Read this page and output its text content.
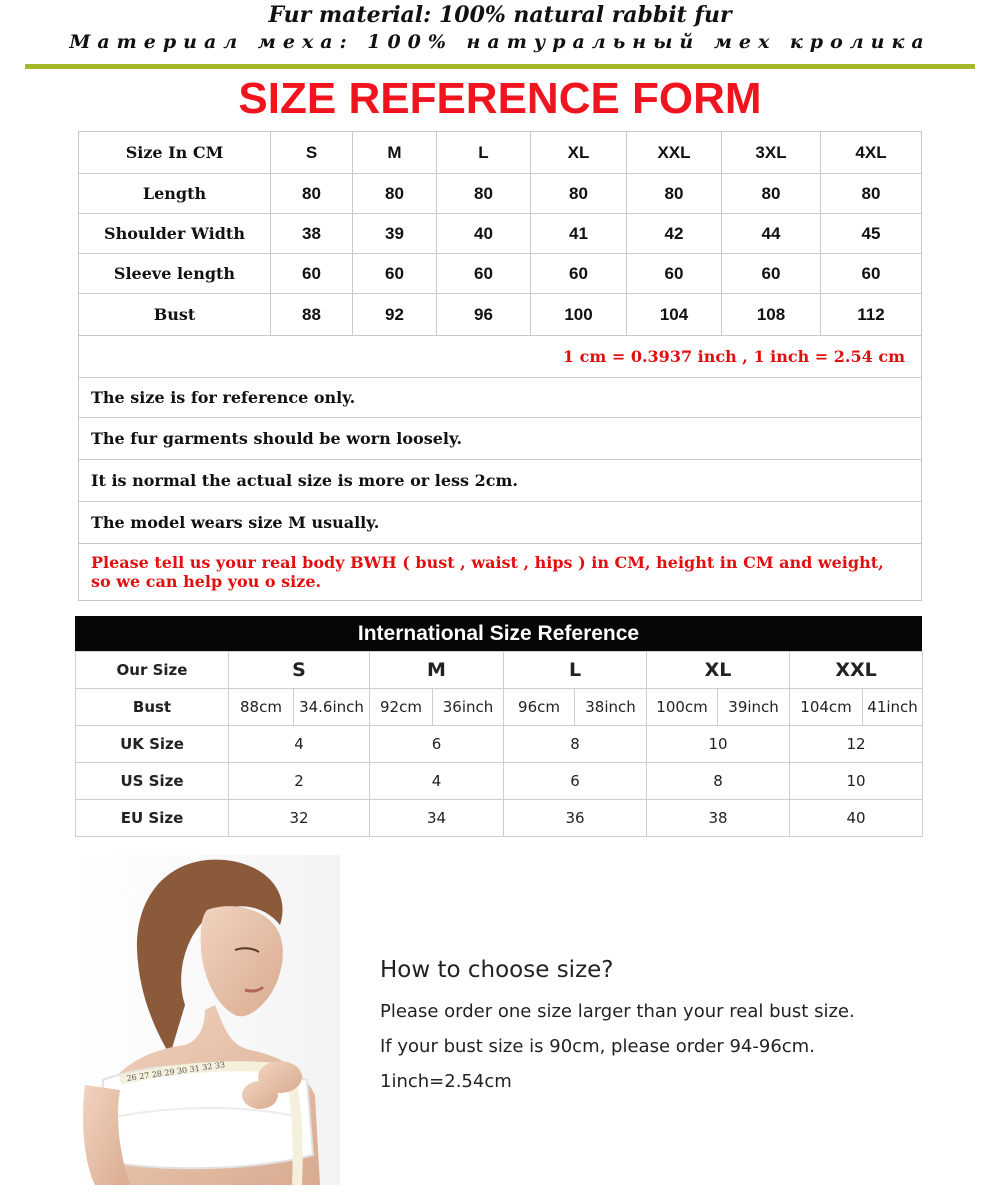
Fur material: 100% natural rabbit fur
Материал меха: 100% натуральный мех кролика
SIZE REFERENCE FORM
Size In CM	S	M	L	XL	XXL	3XL	4XL
Length	80	80	80	80	80	80	80
Shoulder Width	38	39	40	41	42	44	45
Sleeve length	60	60	60	60	60	60	60
Bust	88	92	96	100	104	108	112
1 cm = 0.3937 inch , 1 inch = 2.54 cm							
The size is for reference only.							
The fur garments should be worn loosely.							
It is normal the actual size is more or less 2cm.							
The model wears size M usually.							
Please tell us your real body BWH ( bust , waist , hips ) in CM, height in CM and weight, so we can help you o size.							
International Size Reference
Our Size	S		M		L		XL		XXL	
Bust	88cm	34.6inch	92cm	36inch	96cm	38inch	100cm	39inch	104cm	41inch
UK Size	4		6		8		10		12	
US Size	2		4		6		8		10	
EU Size	32		34		36		38		40	
26 27 28 29 30 31 32 33
How to choose size?
Please order one size larger than your real bust size.
If your bust size is 90cm, please order 94-96cm.
1inch=2.54cm
